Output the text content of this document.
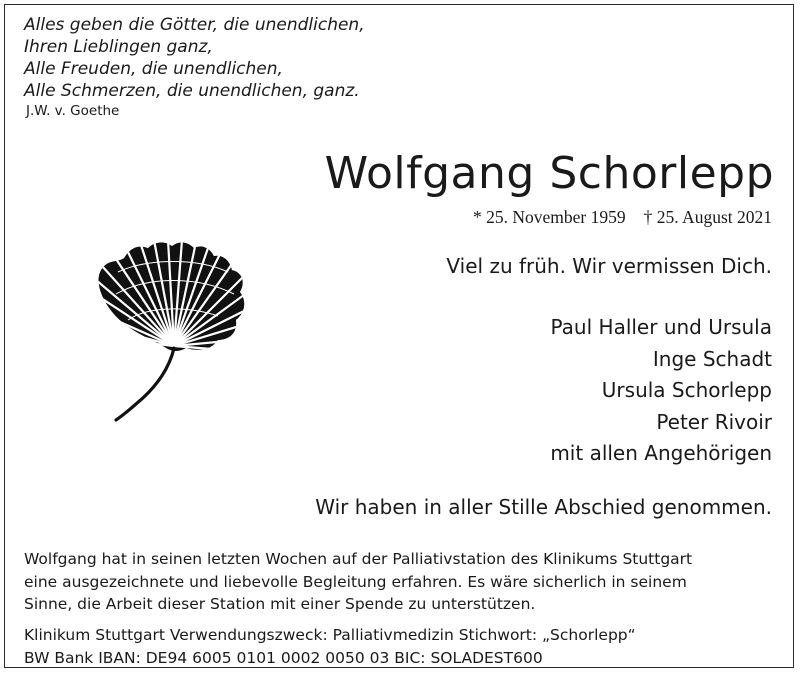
Alles geben die Götter, die unendlichen,
Ihren Lieblingen ganz,
Alle Freuden, die unendlichen,
Alle Schmerzen, die unendlichen, ganz.
J.W. v. Goethe
Wolfgang Schorlepp
* 25. November 1959 † 25. August 2021
Viel zu früh. Wir vermissen Dich.
Paul Haller und Ursula
Inge Schadt
Ursula Schorlepp
Peter Rivoir
mit allen Angehörigen
Wir haben in aller Stille Abschied genommen.
Wolfgang hat in seinen letzten Wochen auf der Palliativstation des Klinikums Stuttgart
eine ausgezeichnete und liebevolle Begleitung erfahren. Es wäre sicherlich in seinem
Sinne, die Arbeit dieser Station mit einer Spende zu unterstützen.
Klinikum Stuttgart Verwendungszweck: Palliativmedizin Stichwort: „Schorlepp“
BW Bank IBAN: DE94 6005 0101 0002 0050 03 BIC: SOLADEST600
